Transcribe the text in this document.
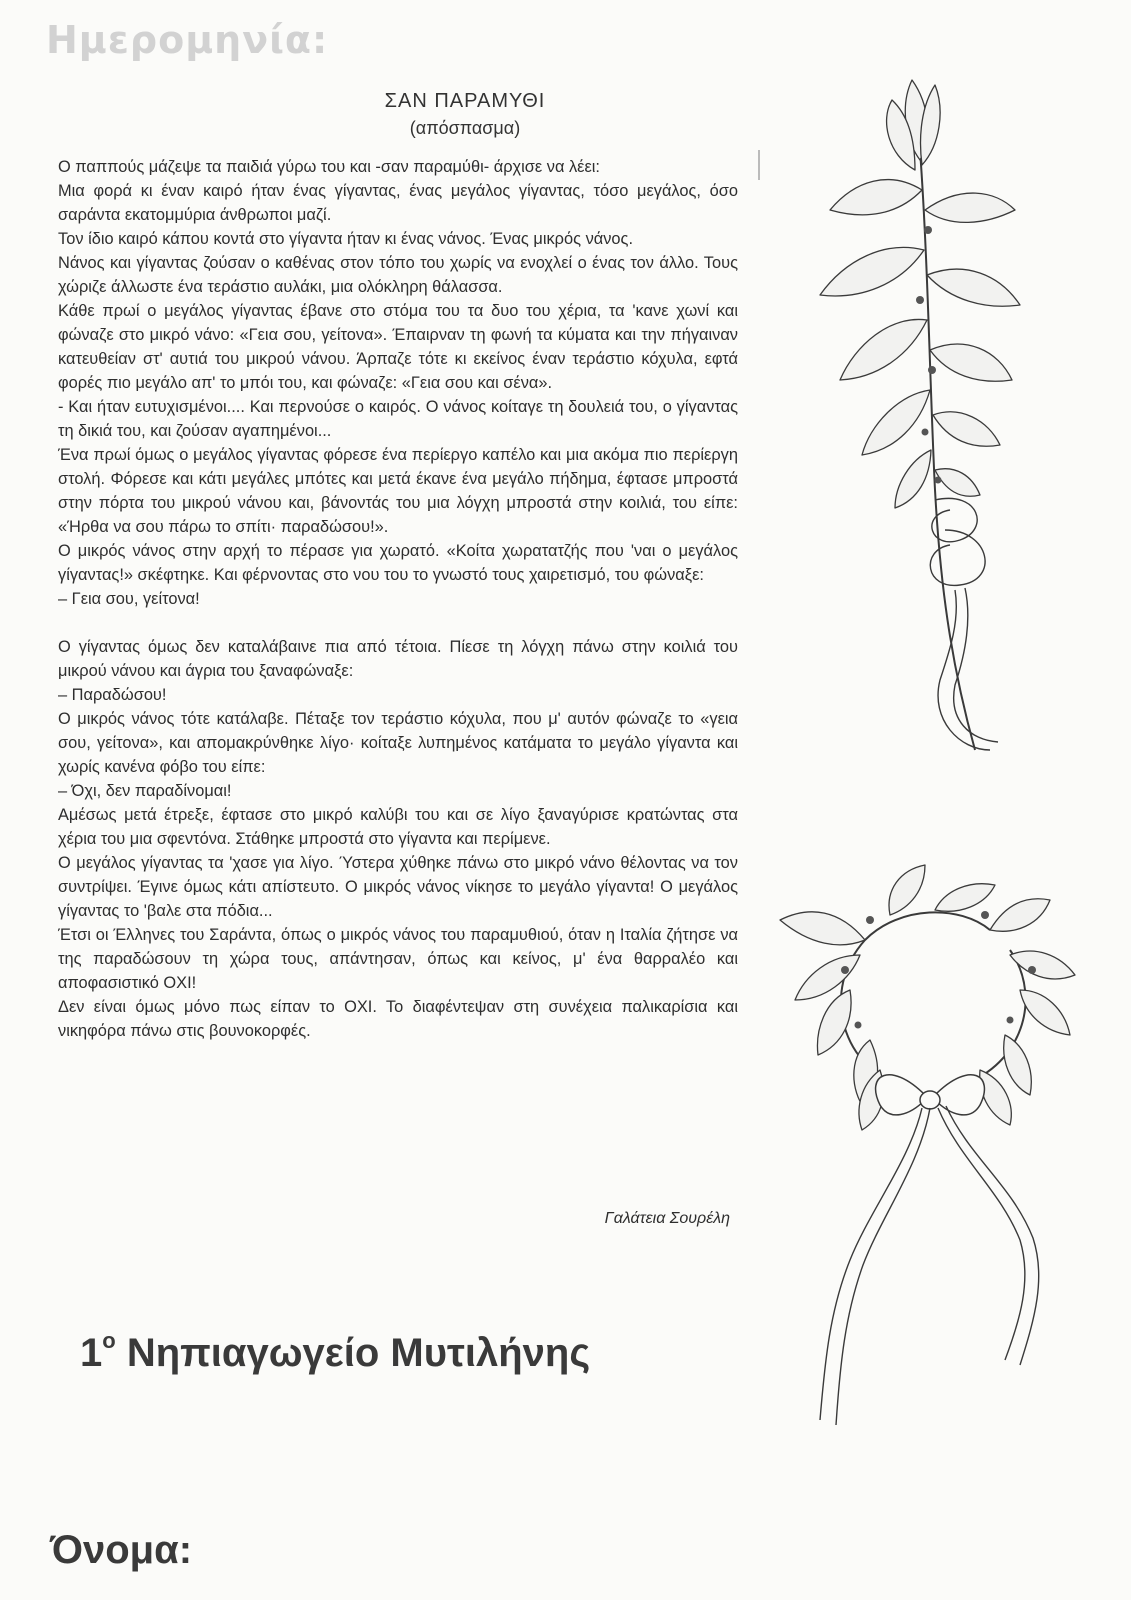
Ημερομηνία:
ΣΑΝ ΠΑΡΑΜΥΘΙ
(απόσπασμα)

Ο παππούς μάζεψε τα παιδιά γύρω του και -σαν παραμύθι- άρχισε να λέει:

Μια φορά κι έναν καιρό ήταν ένας γίγαντας, ένας μεγάλος γίγαντας, τόσο μεγάλος, όσο σαράντα εκατομμύρια άνθρωποι μαζί.

Τον ίδιο καιρό κάπου κοντά στο γίγαντα ήταν κι ένας νάνος. Ένας μικρός νάνος.

Νάνος και γίγαντας ζούσαν ο καθένας στον τόπο του χωρίς να ενοχλεί ο ένας τον άλλο. Τους χώριζε άλλωστε ένα τεράστιο αυλάκι, μια ολόκληρη θάλασσα.

Κάθε πρωί ο μεγάλος γίγαντας έβανε στο στόμα του τα δυο του χέρια, τα 'κανε χωνί και φώναζε στο μικρό νάνο: «Γεια σου, γείτονα». Έπαιρναν τη φωνή τα κύματα και την πήγαιναν κατευθείαν στ' αυτιά του μικρού νάνου. Άρπαζε τότε κι εκείνος έναν τεράστιο κόχυλα, εφτά φορές πιο μεγάλο απ' το μπόι του, και φώναζε: «Γεια σου και σένα».

- Και ήταν ευτυχισμένοι.... Και περνούσε ο καιρός. Ο νάνος κοίταγε τη δουλειά του, ο γίγαντας τη δικιά του, και ζούσαν αγαπημένοι...

Ένα πρωί όμως ο μεγάλος γίγαντας φόρεσε ένα περίεργο καπέλο και μια ακόμα πιο περίεργη στολή. Φόρεσε και κάτι μεγάλες μπότες και μετά έκανε ένα μεγάλο πήδημα, έφτασε μπροστά στην πόρτα του μικρού νάνου και, βάνοντάς του μια λόγχη μπροστά στην κοιλιά, του είπε: «Ήρθα να σου πάρω το σπίτι· παραδώσου!».

Ο μικρός νάνος στην αρχή το πέρασε για χωρατό. «Κοίτα χωρατατζής που 'ναι ο μεγάλος γίγαντας!» σκέφτηκε. Και φέρνοντας στο νου του το γνωστό τους χαιρετισμό, του φώναξε:

– Γεια σου, γείτονα!

Ο γίγαντας όμως δεν καταλάβαινε πια από τέτοια. Πίεσε τη λόγχη πάνω στην κοιλιά του μικρού νάνου και άγρια του ξαναφώναξε:

– Παραδώσου!

Ο μικρός νάνος τότε κατάλαβε. Πέταξε τον τεράστιο κόχυλα, που μ' αυτόν φώναζε το «γεια σου, γείτονα», και απομακρύνθηκε λίγο· κοίταξε λυπημένος κατάματα το μεγάλο γίγαντα και χωρίς κανένα φόβο του είπε:

– Όχι, δεν παραδίνομαι!

Αμέσως μετά έτρεξε, έφτασε στο μικρό καλύβι του και σε λίγο ξαναγύρισε κρατώντας στα χέρια του μια σφεντόνα. Στάθηκε μπροστά στο γίγαντα και περίμενε.

Ο μεγάλος γίγαντας τα 'χασε για λίγο. Ύστερα χύθηκε πάνω στο μικρό νάνο θέλοντας να τον συντρίψει. Έγινε όμως κάτι απίστευτο. Ο μικρός νάνος νίκησε το μεγάλο γίγαντα! Ο μεγάλος γίγαντας το 'βαλε στα πόδια...

Έτσι οι Έλληνες του Σαράντα, όπως ο μικρός νάνος του παραμυθιού, όταν η Ιταλία ζήτησε να της παραδώσουν τη χώρα τους, απάντησαν, όπως και κείνος, μ' ένα θαρραλέο και αποφασιστικό ΟΧΙ!

Δεν είναι όμως μόνο πως είπαν το ΟΧΙ. Το διαφέντεψαν στη συνέχεια παλικαρίσια και νικηφόρα πάνω στις βουνοκορφές.

Γαλάτεια Σουρέλη
$1^o$ Νηπιαγωγείο Μυτιλήνης
Όνομα:
